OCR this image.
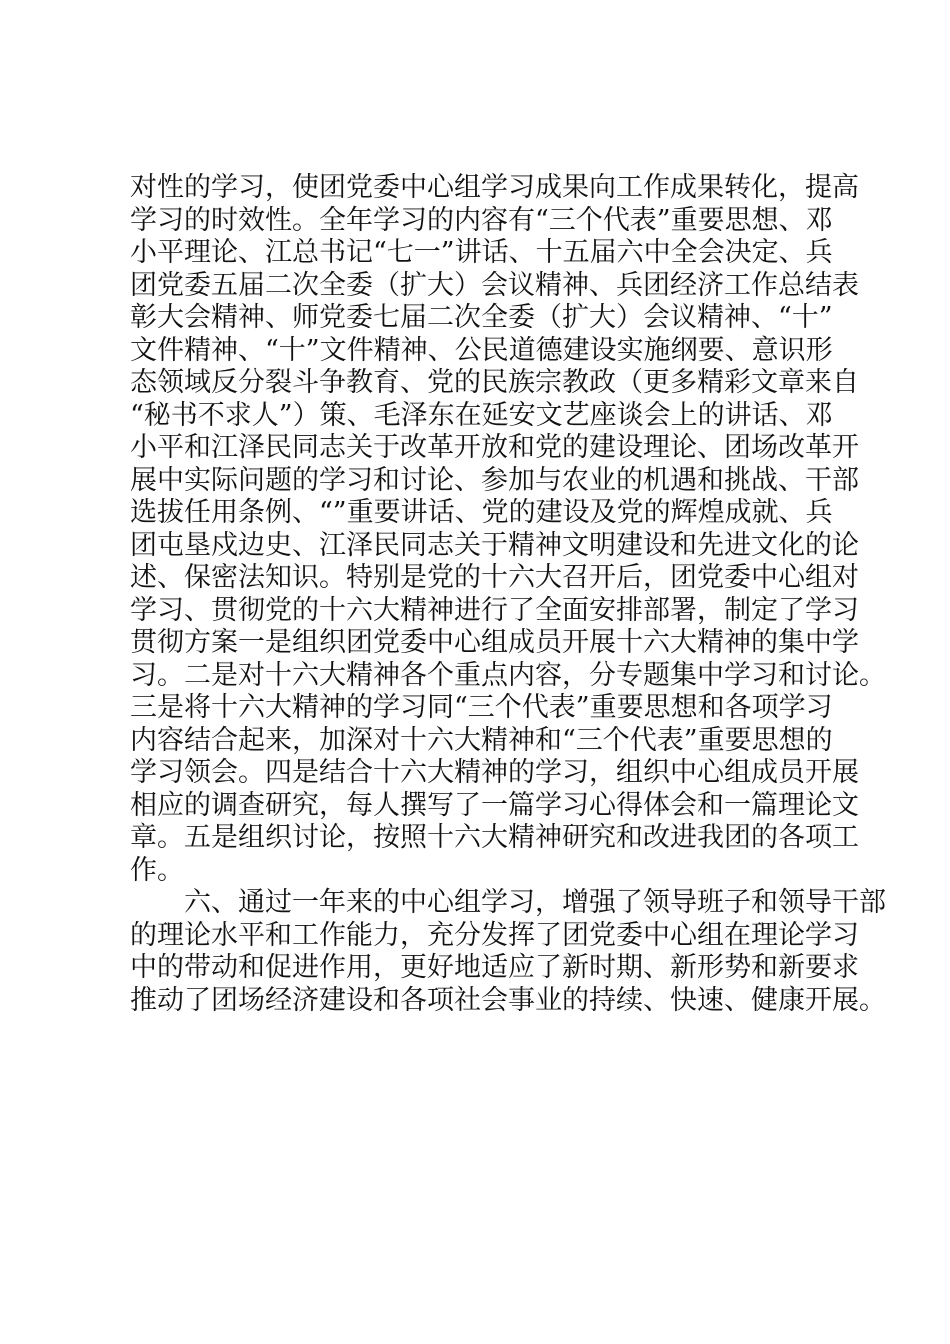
对性的学习，使团党委中心组学习成果向工作成果转化，提高
学习的时效性。全年学习的内容有“三个代表”重要思想、邓
小平理论、江总书记“七一”讲话、十五届六中全会决定、兵
团党委五届二次全委（扩大）会议精神、兵团经济工作总结表
彰大会精神、师党委七届二次全委（扩大）会议精神、“十”
文件精神、“十”文件精神、公民道德建设实施纲要、意识形
态领域反分裂斗争教育、党的民族宗教政（更多精彩文章来自
“秘书不求人”）策、毛泽东在延安文艺座谈会上的讲话、邓
小平和江泽民同志关于改革开放和党的建设理论、团场改革开
展中实际问题的学习和讨论、参加与农业的机遇和挑战、干部
选拔任用条例、“”重要讲话、党的建设及党的辉煌成就、兵
团屯垦戍边史、江泽民同志关于精神文明建设和先进文化的论
述、保密法知识。特别是党的十六大召开后，团党委中心组对
学习、贯彻党的十六大精神进行了全面安排部署，制定了学习
贯彻方案一是组织团党委中心组成员开展十六大精神的集中学
习。二是对十六大精神各个重点内容，分专题集中学习和讨论。
三是将十六大精神的学习同“三个代表”重要思想和各项学习
内容结合起来，加深对十六大精神和“三个代表”重要思想的
学习领会。四是结合十六大精神的学习，组织中心组成员开展
相应的调查研究，每人撰写了一篇学习心得体会和一篇理论文
章。五是组织讨论，按照十六大精神研究和改进我团的各项工
作。
六、通过一年来的中心组学习，增强了领导班子和领导干部
的理论水平和工作能力，充分发挥了团党委中心组在理论学习
中的带动和促进作用，更好地适应了新时期、新形势和新要求
推动了团场经济建设和各项社会事业的持续、快速、健康开展。
